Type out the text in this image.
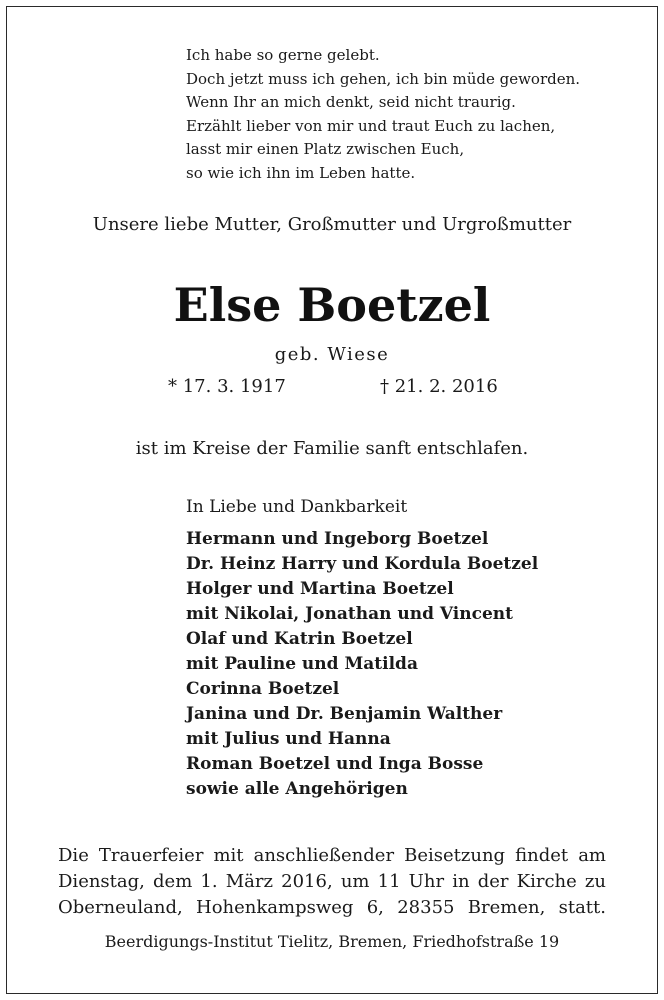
Ich habe so gerne gelebt.
Doch jetzt muss ich gehen, ich bin müde geworden.
Wenn Ihr an mich denkt, seid nicht traurig.
Erzählt lieber von mir und traut Euch zu lachen,
lasst mir einen Platz zwischen Euch,
so wie ich ihn im Leben hatte.
Unsere liebe Mutter, Großmutter und Urgroßmutter
Else Boetzel
geb. Wiese
* 17. 3. 1917	† 21. 2. 2016
ist im Kreise der Familie sanft entschlafen.
In Liebe und Dankbarkeit
Hermann und Ingeborg Boetzel
Dr. Heinz Harry und Kordula Boetzel
Holger und Martina Boetzel
mit Nikolai, Jonathan und Vincent
Olaf und Katrin Boetzel
mit Pauline und Matilda
Corinna Boetzel
Janina und Dr. Benjamin Walther
mit Julius und Hanna
Roman Boetzel und Inga Bosse
sowie alle Angehörigen
Die Trauerfeier mit anschließender Beisetzung findet am
Dienstag, dem 1. März 2016, um 11 Uhr in der Kirche zu
Oberneuland, Hohenkampsweg 6, 28355 Bremen, statt.
Beerdigungs-Institut Tielitz, Bremen, Friedhofstraße 19
